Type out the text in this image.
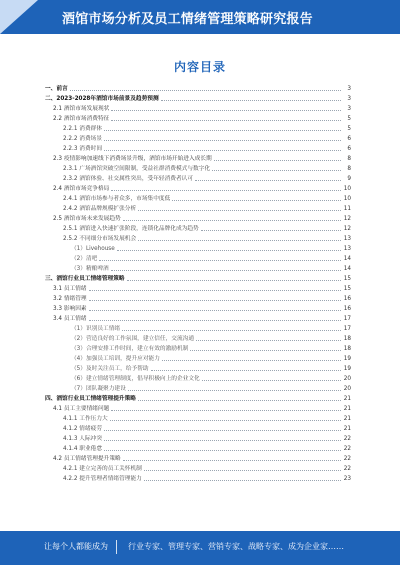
酒馆市场分析及员工情绪管理策略研究报告
内容目录
一、前言	3
二、2023-2028年酒馆市场前景及趋势预测	3
2.1 酒馆市场发展现状	3
2.2 酒馆市场消费特征	5
2.2.1 消费群体	5
2.2.2 消费场景	6
2.2.3 消费时间	6
2.3 疫情影响加速线下消费场景升级，酒馆市场开始进入成长期	8
2.3.1 广场酒馆突破空间限制，受益社群消费模式与数字化	8
2.3.2 酒馆体验、社交属性突出，受年轻消费者认可	9
2.4 酒馆市场竞争格局	10
2.4.1 酒馆市场参与者众多，市场集中度低	10
2.4.2 酒馆品牌规模扩张分析	11
2.5 酒馆市场未来发展趋势	12
2.5.1 酒馆进入快速扩张阶段，连锁化品牌化成为趋势	12
2.5.2 不同细分市场发展机会	13
（1）Livehouse	13
（2）清吧	14
（3）精酿啤酒	14
三、酒馆行业员工情绪管理策略	15
3.1 员工情绪	15
3.2 情绪管理	16
3.3 影响因素	16
3.4 员工情绪	17
（1）识别员工情绪	17
（2）营造良好的工作氛围，建立信任，交流沟通	18
（3）合理安排工作时间，建立有效的激励机制	18
（4）加强员工培训，提升应对能力	19
（5）及时关注员工，给予帮助	19
（6）建立情绪管理制度，倡导积极向上的企业文化	20
（7）团队凝聚力建设	20
四、酒馆行业员工情绪管理提升策略	21
4.1 员工主要情绪问题	21
4.1.1 工作压力大	21
4.1.2 情绪疲劳	21
4.1.3 人际冲突	22
4.1.4 职业倦怠	22
4.2 员工情绪管理提升策略	22
4.2.1 建立完善的员工关怀机制	22
4.2.2 提升管理者情绪管理能力	23
让每个人都能成为	行业专家、管理专家、营销专家、战略专家、成为企业家……
